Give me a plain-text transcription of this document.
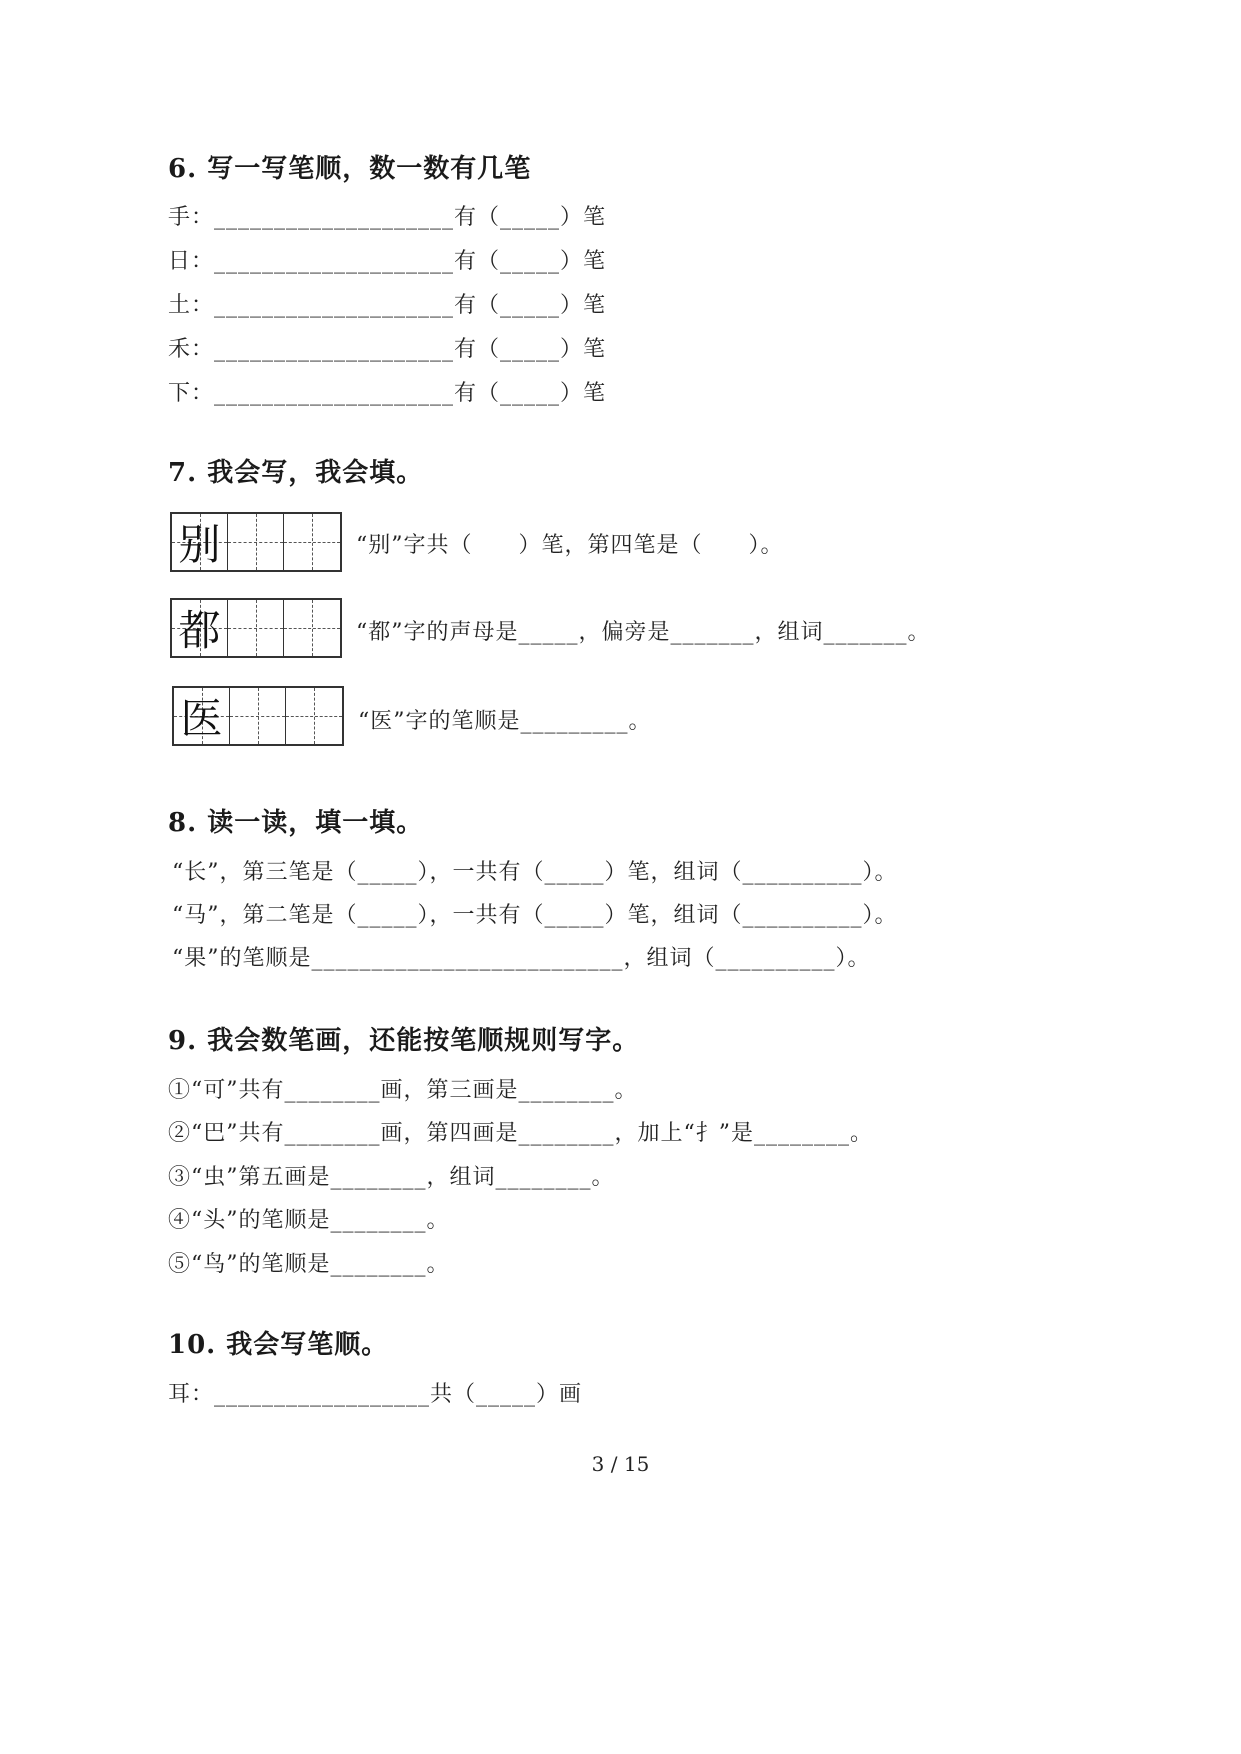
6. 写一写笔顺，数一数有几笔
手：____________________有（_____）笔
日：____________________有（_____）笔
土：____________________有（_____）笔
禾：____________________有（_____）笔
下：____________________有（_____）笔
7. 我会写，我会填。
别	“别”字共（　　）笔，第四笔是（　　）。
都	“都”字的声母是_____，偏旁是_______，组词_______。
医	“医”字的笔顺是_________。
8. 读一读，填一填。
“长”，第三笔是（_____），一共有（_____）笔，组词（__________）。
“马”，第二笔是（_____），一共有（_____）笔，组词（__________）。
“果”的笔顺是__________________________，组词（__________）。
9. 我会数笔画，还能按笔顺规则写字。
①“可”共有________画，第三画是________。
②“巴”共有________画，第四画是________，加上“扌”是________。
③“虫”第五画是________，组词________。
④“头”的笔顺是________。
⑤“鸟”的笔顺是________。
10. 我会写笔顺。
耳：__________________共（_____）画
3 / 15
